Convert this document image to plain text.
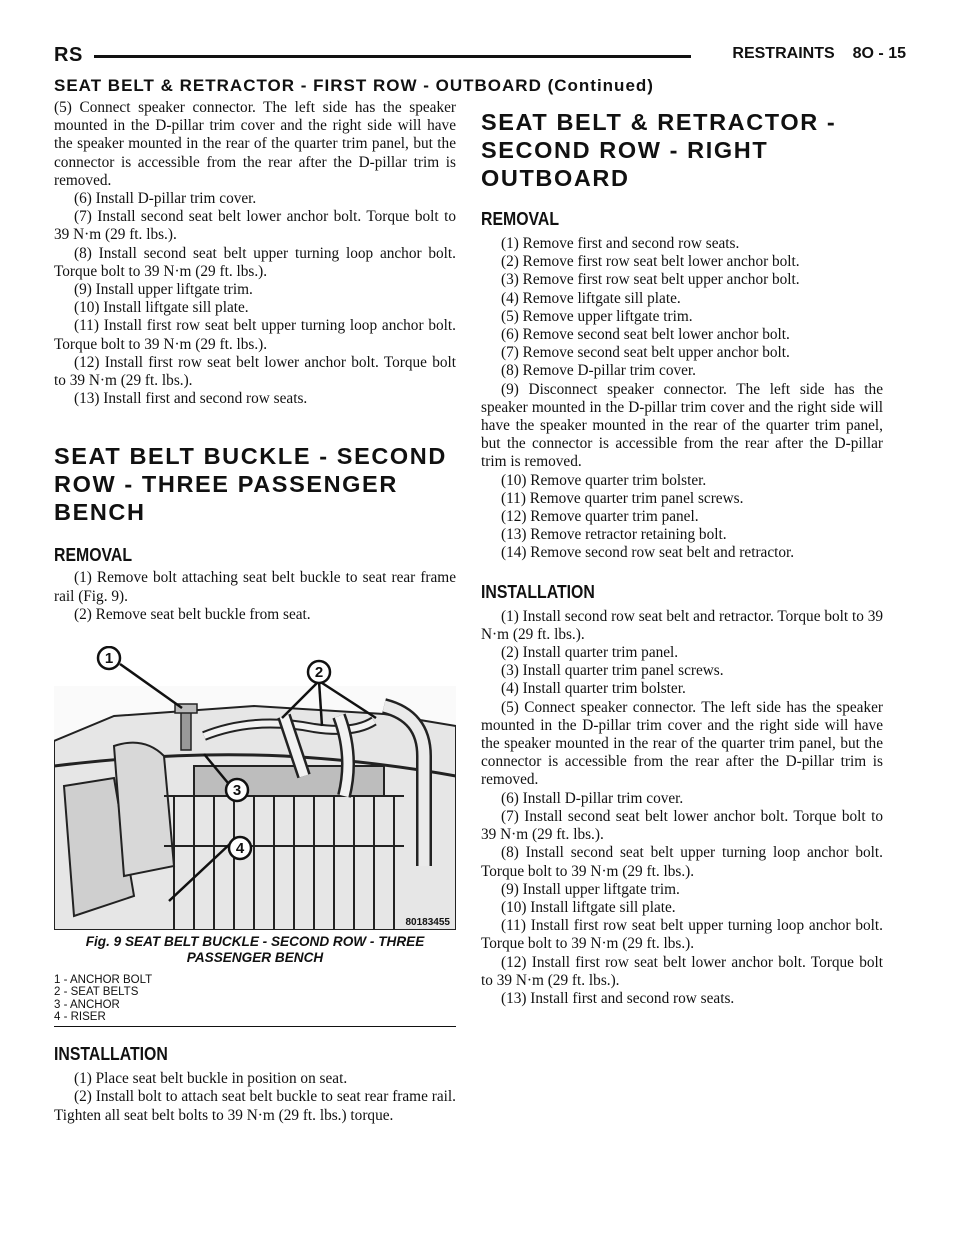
RS	RESTRAINTS 8O - 15
SEAT BELT & RETRACTOR - FIRST ROW - OUTBOARD (Continued)

(5) Connect speaker connector. The left side has the speaker mounted in the D-pillar trim cover and the right side will have the speaker mounted in the rear of the quarter trim panel, but the connector is accessible from the rear after the D-pillar trim is removed.

(6) Install D-pillar trim cover.

(7) Install second seat belt lower anchor bolt. Torque bolt to 39 N·m (29 ft. lbs.).

(8) Install second seat belt upper turning loop anchor bolt. Torque bolt to 39 N·m (29 ft. lbs.).

(9) Install upper liftgate trim.

(10) Install liftgate sill plate.

(11) Install first row seat belt upper turning loop anchor bolt. Torque bolt to 39 N·m (29 ft. lbs.).

(12) Install first row seat belt lower anchor bolt. Torque bolt to 39 N·m (29 ft. lbs.).

(13) Install first and second row seats.

SEAT BELT BUCKLE - SECOND ROW - THREE PASSENGER BENCH
REMOVAL

(1) Remove bolt attaching seat belt buckle to seat rear frame rail (Fig. 9).

(2) Remove seat belt buckle from seat.

1
2
3
4
80183455
Fig. 9 SEAT BELT BUCKLE - SECOND ROW - THREE PASSENGER BENCH
1 - ANCHOR BOLT
2 - SEAT BELTS
3 - ANCHOR
4 - RISER
INSTALLATION

(1) Place seat belt buckle in position on seat.

(2) Install bolt to attach seat belt buckle to seat rear frame rail. Tighten all seat belt bolts to 39 N·m (29 ft. lbs.) torque.

SEAT BELT & RETRACTOR - SECOND ROW - RIGHT OUTBOARD
REMOVAL

(1) Remove first and second row seats.

(2) Remove first row seat belt lower anchor bolt.

(3) Remove first row seat belt upper anchor bolt.

(4) Remove liftgate sill plate.

(5) Remove upper liftgate trim.

(6) Remove second seat belt lower anchor bolt.

(7) Remove second seat belt upper anchor bolt.

(8) Remove D-pillar trim cover.

(9) Disconnect speaker connector. The left side has the speaker mounted in the D-pillar trim cover and the right side will have the speaker mounted in the rear of the quarter trim panel, but the connector is accessible from the rear after the D-pillar trim is removed.

(10) Remove quarter trim bolster.

(11) Remove quarter trim panel screws.

(12) Remove quarter trim panel.

(13) Remove retractor retaining bolt.

(14) Remove second row seat belt and retractor.

INSTALLATION

(1) Install second row seat belt and retractor. Torque bolt to 39 N·m (29 ft. lbs.).

(2) Install quarter trim panel.

(3) Install quarter trim panel screws.

(4) Install quarter trim bolster.

(5) Connect speaker connector. The left side has the speaker mounted in the D-pillar trim cover and the right side will have the speaker mounted in the rear of the quarter trim panel, but the connector is accessible from the rear after the D-pillar trim is removed.

(6) Install D-pillar trim cover.

(7) Install second seat belt lower anchor bolt. Torque bolt to 39 N·m (29 ft. lbs.).

(8) Install second seat belt upper turning loop anchor bolt. Torque bolt to 39 N·m (29 ft. lbs.).

(9) Install upper liftgate trim.

(10) Install liftgate sill plate.

(11) Install first row seat belt upper turning loop anchor bolt. Torque bolt to 39 N·m (29 ft. lbs.).

(12) Install first row seat belt lower anchor bolt. Torque bolt to 39 N·m (29 ft. lbs.).

(13) Install first and second row seats.
